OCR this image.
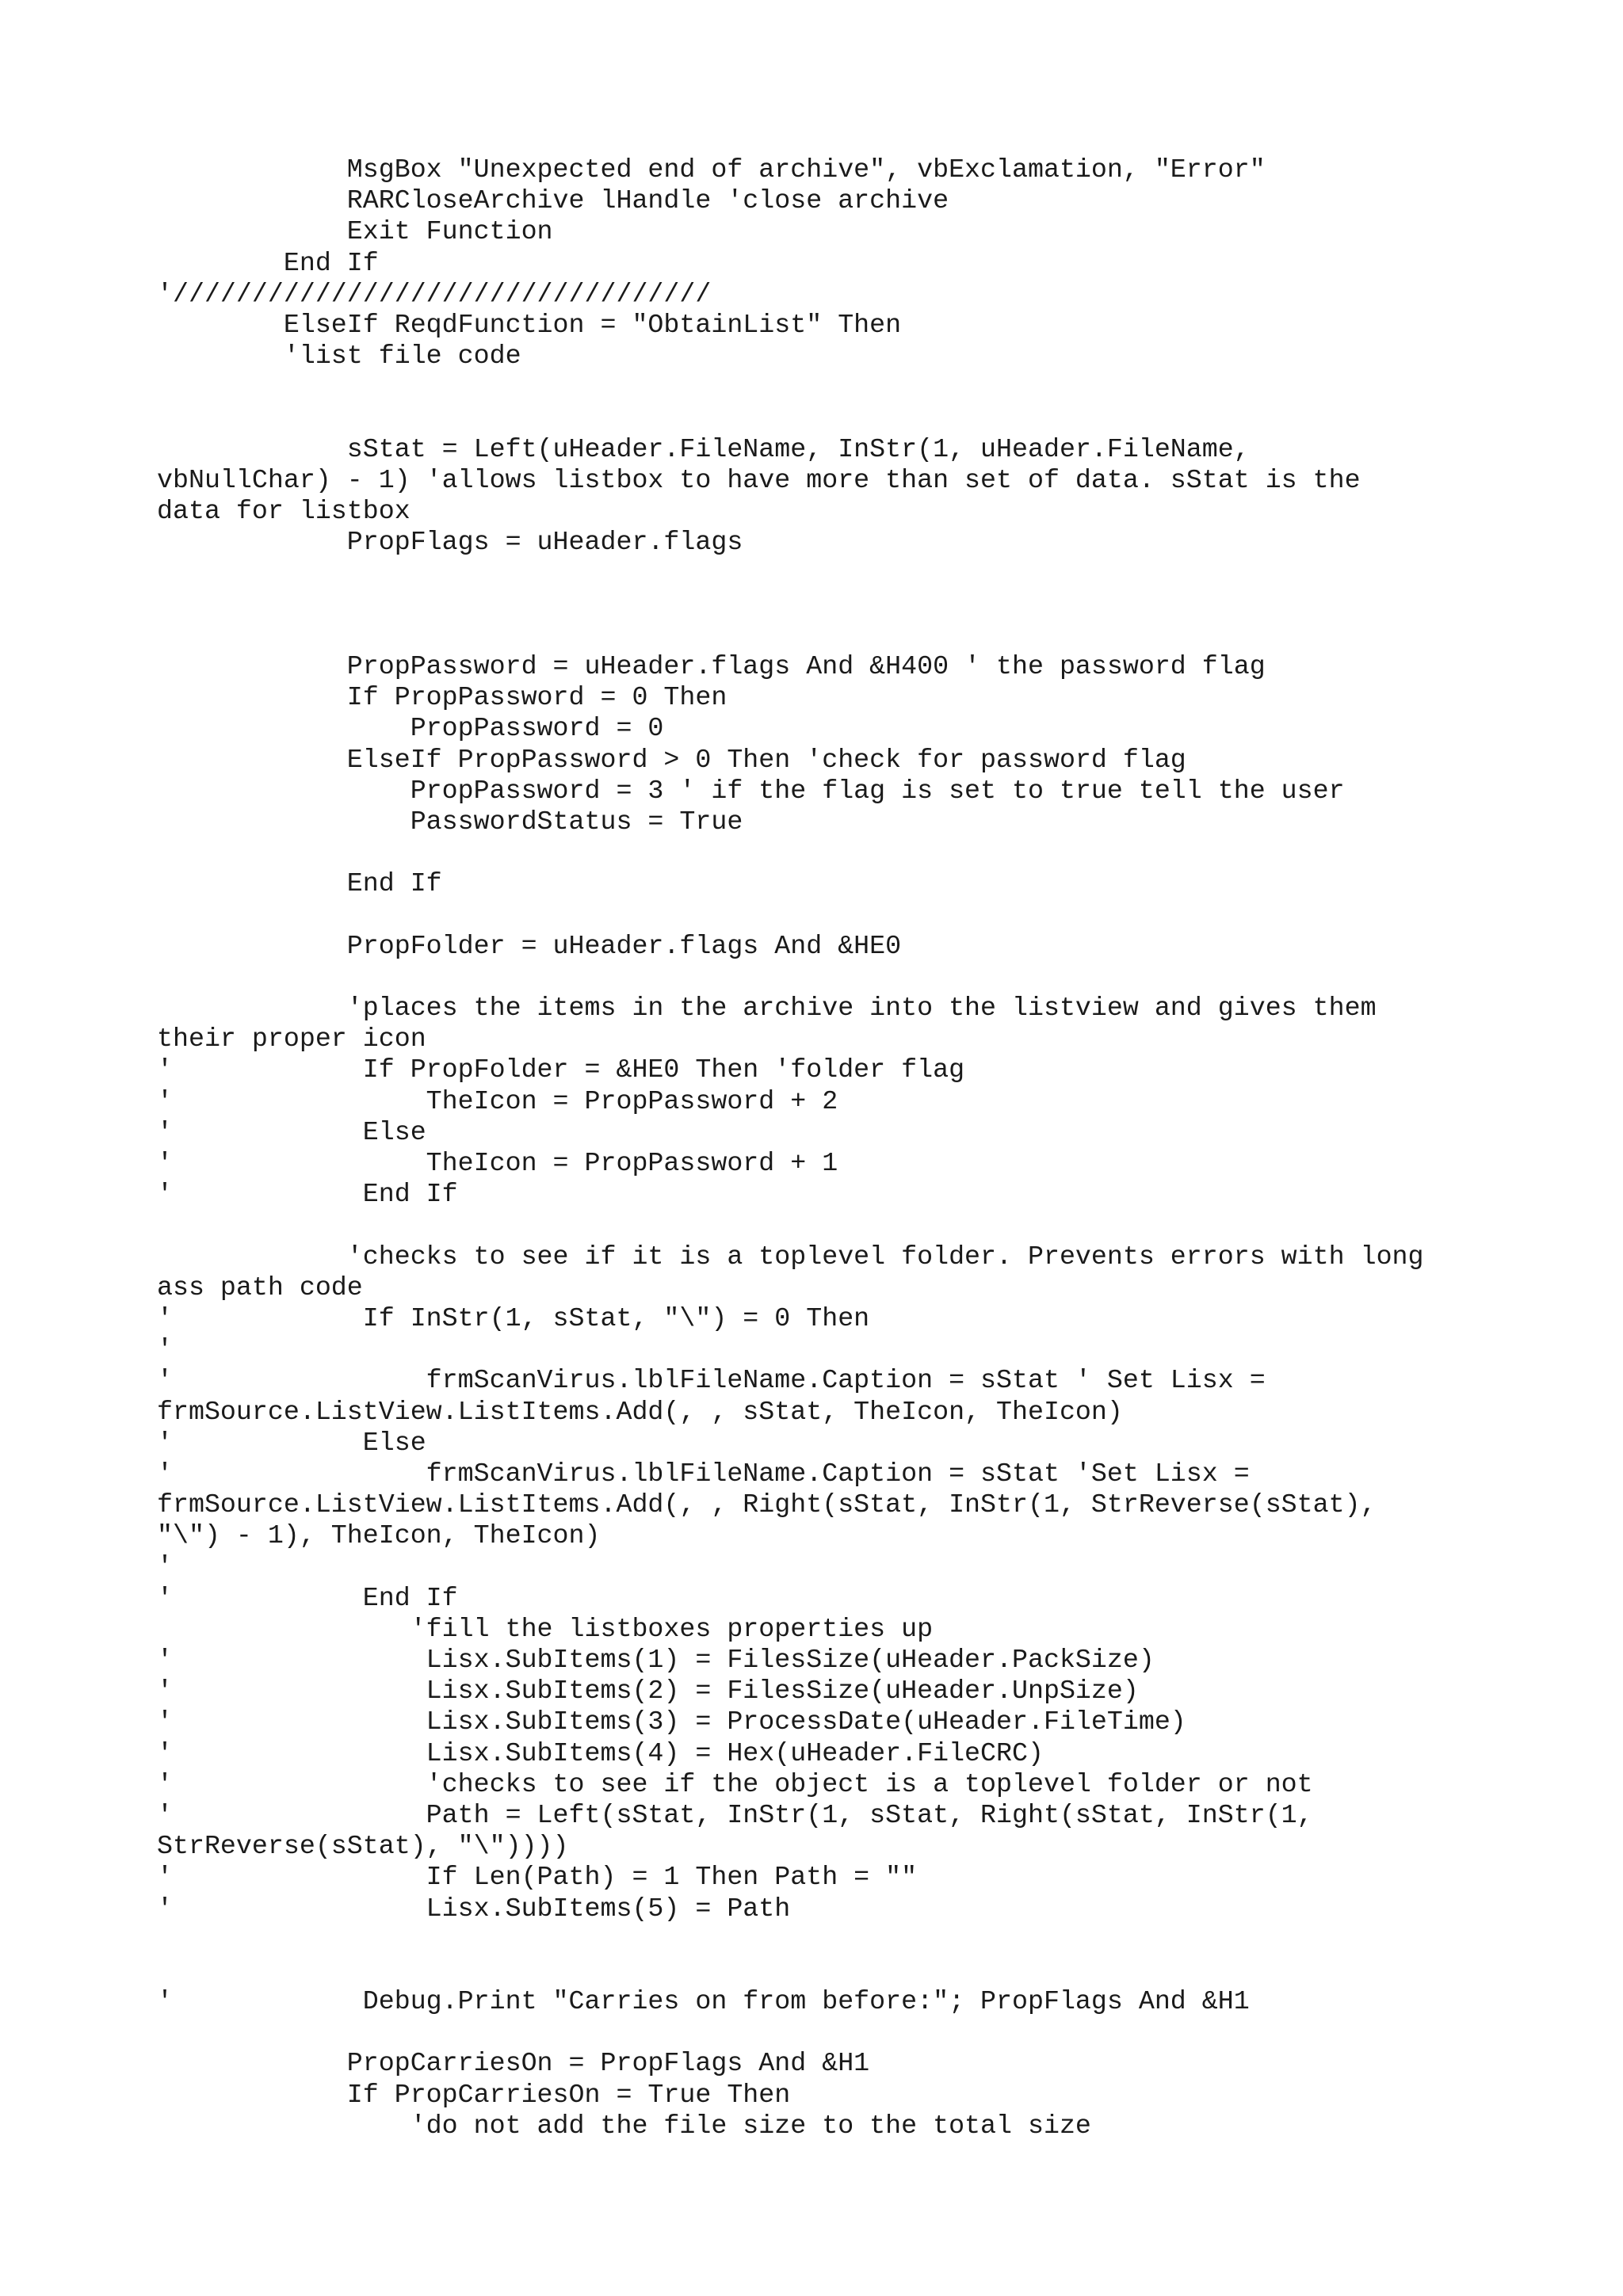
MsgBox "Unexpected end of archive", vbExclamation, "Error"
RARCloseArchive lHandle 'close archive
Exit Function
End If
'//////////////////////////////////
ElseIf ReqdFunction = "ObtainList" Then
'list file code
sStat = Left(uHeader.FileName, InStr(1, uHeader.FileName,
vbNullChar) - 1) 'allows listbox to have more than set of data. sStat is the
data for listbox
PropFlags = uHeader.flags
PropPassword = uHeader.flags And &H400 ' the password flag
If PropPassword = 0 Then
PropPassword = 0
ElseIf PropPassword > 0 Then 'check for password flag
PropPassword = 3 ' if the flag is set to true tell the user
PasswordStatus = True
End If
PropFolder = uHeader.flags And &HE0
'places the items in the archive into the listview and gives them
their proper icon
'            If PropFolder = &HE0 Then 'folder flag
'                TheIcon = PropPassword + 2
'            Else
'                TheIcon = PropPassword + 1
'            End If
'checks to see if it is a toplevel folder. Prevents errors with long
ass path code
'            If InStr(1, sStat, "\") = 0 Then
'
'                frmScanVirus.lblFileName.Caption = sStat ' Set Lisx =
frmSource.ListView.ListItems.Add(, , sStat, TheIcon, TheIcon)
'            Else
'                frmScanVirus.lblFileName.Caption = sStat 'Set Lisx =
frmSource.ListView.ListItems.Add(, , Right(sStat, InStr(1, StrReverse(sStat),
"\") - 1), TheIcon, TheIcon)
'
'            End If
'fill the listboxes properties up
'                Lisx.SubItems(1) = FilesSize(uHeader.PackSize)
'                Lisx.SubItems(2) = FilesSize(uHeader.UnpSize)
'                Lisx.SubItems(3) = ProcessDate(uHeader.FileTime)
'                Lisx.SubItems(4) = Hex(uHeader.FileCRC)
'                'checks to see if the object is a toplevel folder or not
'                Path = Left(sStat, InStr(1, sStat, Right(sStat, InStr(1,
StrReverse(sStat), "\"))))
'                If Len(Path) = 1 Then Path = ""
'                Lisx.SubItems(5) = Path
'            Debug.Print "Carries on from before:"; PropFlags And &H1
PropCarriesOn = PropFlags And &H1
If PropCarriesOn = True Then
'do not add the file size to the total size
